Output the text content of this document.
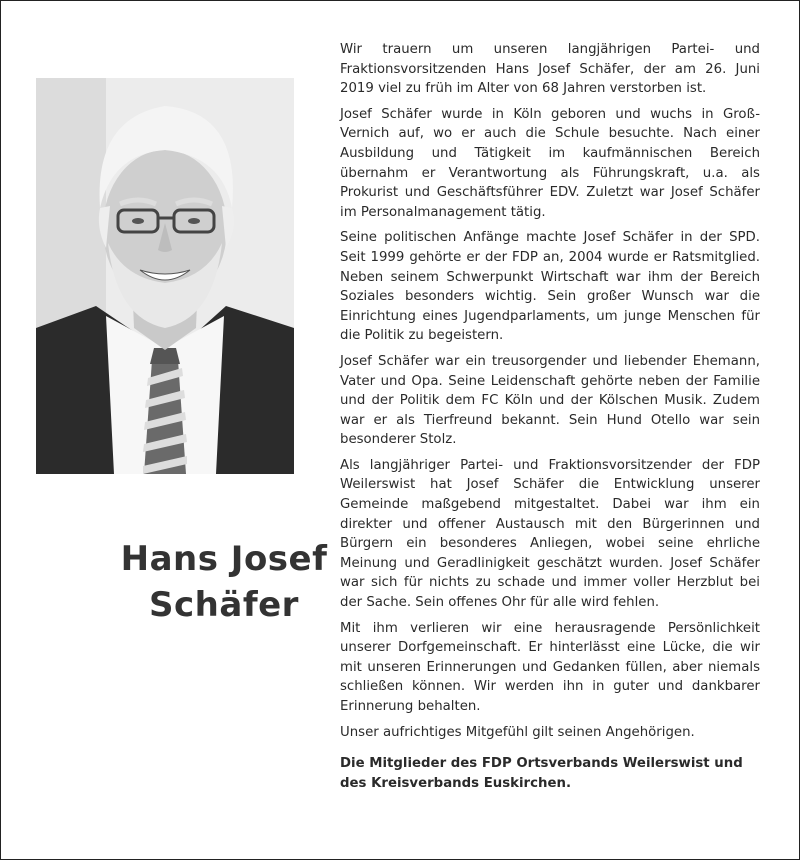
Hans Josef
Schäfer

Wir trauern um unseren langjährigen Partei- und Fraktionsvorsitzenden Hans Josef Schäfer, der am 26. Juni 2019 viel zu früh im Alter von 68 Jahren verstorben ist.

Josef Schäfer wurde in Köln geboren und wuchs in Groß-Vernich auf, wo er auch die Schule besuchte. Nach einer Ausbildung und Tätigkeit im kaufmännischen Bereich übernahm er Verantwortung als Führungskraft, u.a. als Prokurist und Geschäftsführer EDV. Zuletzt war Josef Schäfer im Personalmanagement tätig.

Seine politischen Anfänge machte Josef Schäfer in der SPD. Seit 1999 gehörte er der FDP an, 2004 wurde er Ratsmitglied. Neben seinem Schwerpunkt Wirtschaft war ihm der Bereich Soziales besonders wichtig. Sein großer Wunsch war die Einrichtung eines Jugendparlaments, um junge Menschen für die Politik zu begeistern.

Josef Schäfer war ein treusorgender und liebender Ehemann, Vater und Opa. Seine Leidenschaft gehörte neben der Familie und der Politik dem FC Köln und der Kölschen Musik. Zudem war er als Tierfreund bekannt. Sein Hund Otello war sein besonderer Stolz.

Als langjähriger Partei- und Fraktionsvorsitzender der FDP Weilerswist hat Josef Schäfer die Entwicklung unserer Gemeinde maßgebend mitgestaltet. Dabei war ihm ein direkter und offener Austausch mit den Bürgerinnen und Bürgern ein besonderes Anliegen, wobei seine ehrliche Meinung und Geradlinigkeit geschätzt wurden. Josef Schäfer war sich für nichts zu schade und immer voller Herzblut bei der Sache. Sein offenes Ohr für alle wird fehlen.

Mit ihm verlieren wir eine herausragende Persönlichkeit unserer Dorfgemeinschaft. Er hinterlässt eine Lücke, die wir mit unseren Erinnerungen und Gedanken füllen, aber niemals schließen können. Wir werden ihn in guter und dankbarer Erinnerung behalten.

Unser aufrichtiges Mitgefühl gilt seinen Angehörigen.

Die Mitglieder des FDP Ortsverbands Weilerswist und des Kreisverbands Euskirchen.
